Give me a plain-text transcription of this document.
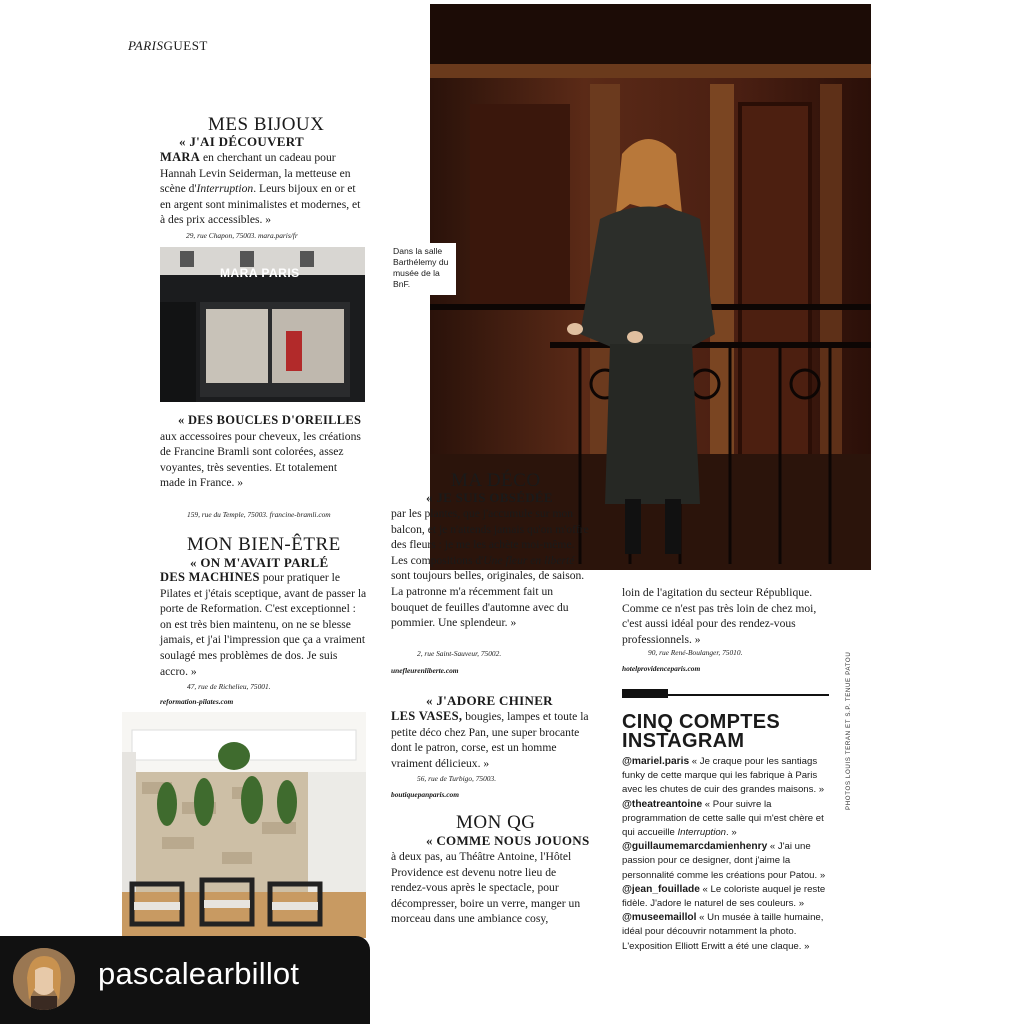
PARISGUEST
Dans la salle Barthélemy du musée de la BnF.
MES BIJOUX
« J'AI DÉCOUVERT
MARA en cherchant un cadeau pour Hannah Levin Seiderman, la metteuse en scène d'Interruption. Leurs bijoux en or et en argent sont minimalistes et modernes, et à des prix accessibles. »
29, rue Chapon, 75003. mara.paris/fr
MARA PARIS
« DES BOUCLES D'OREILLES aux accessoires pour cheveux, les créations de Francine Bramli sont colorées, assez voyantes, très seventies. Et totalement made in France. »
159, rue du Temple, 75003. francine-bramli.com
MON BIEN-ÊTRE
« ON M'AVAIT PARLÉ
DES MACHINES pour pratiquer le Pilates et j'étais sceptique, avant de passer la porte de Reformation. C'est exceptionnel : on est très bien maintenu, on ne se blesse jamais, et j'ai l'impression que ça a vraiment soulagé mes problèmes de dos. Je suis accro. »
47, rue de Richelieu, 75001.
reformation-pilates.com
MA DÉCO
« JE SUIS OBSÉDÉE
par les plantes, que j'accumule sur mon balcon, et je n'attends jamais qu'on m'offre des fleurs : je me les achète moi-même. Les compositions d'Une fleur en liberté sont toujours belles, originales, de saison. La patronne m'a récemment fait un bouquet de feuilles d'automne avec du pommier. Une splendeur. »
2, rue Saint-Sauveur, 75002.
unefleurenliberte.com
« J'ADORE CHINER
LES VASES, bougies, lampes et toute la petite déco chez Pan, une super brocante dont le patron, corse, est un homme vraiment délicieux. »
56, rue de Turbigo, 75003.
boutiquepanparis.com
MON QG
« COMME NOUS JOUONS
à deux pas, au Théâtre Antoine, l'Hôtel Providence est devenu notre lieu de rendez-vous après le spectacle, pour décompresser, boire un verre, manger un morceau dans une ambiance cosy,
loin de l'agitation du secteur République. Comme ce n'est pas très loin de chez moi, c'est aussi idéal pour des rendez-vous professionnels. »
90, rue René-Boulanger, 75010.
hotelprovidenceparis.com
CINQ COMPTES
INSTAGRAM
@mariel.paris « Je craque pour les santiags funky de cette marque qui les fabrique à Paris avec les chutes de cuir des grandes maisons. »
@theatreantoine « Pour suivre la programmation de cette salle qui m'est chère et qui accueille Interruption. »
@guillaumemarcdamienhenry « J'ai une passion pour ce designer, dont j'aime la personnalité comme les créations pour Patou. »
@jean_fouillade « Le coloriste auquel je reste fidèle. J'adore le naturel de ses couleurs. »
@museemaillol « Un musée à taille humaine, idéal pour découvrir notamment la photo. L'exposition Elliott Erwitt a été une claque. »
PHOTOS LOUIS TERAN ET S.P. TENUE PATOU
pascalearbillot
